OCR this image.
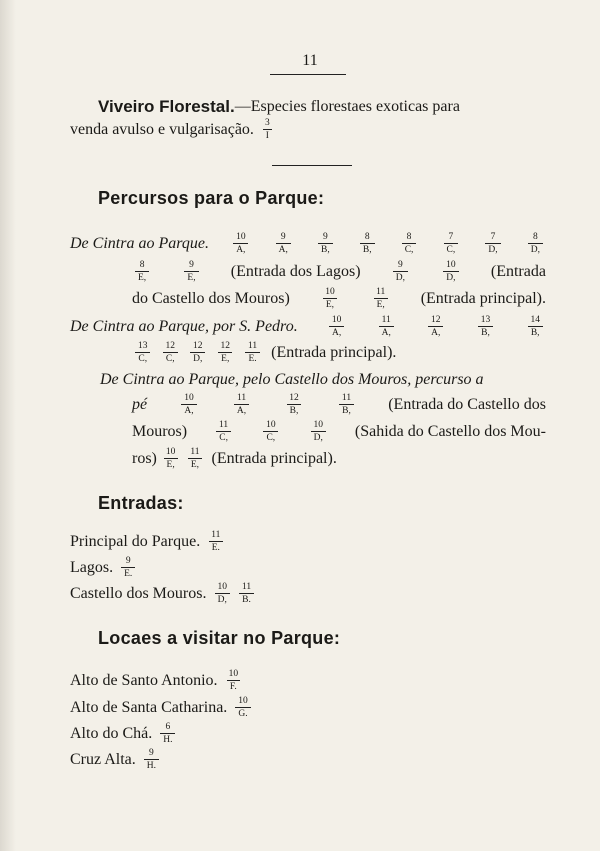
11
Viveiro Florestal. —Especies florestaes exoticas para
venda avulso e vulgarisação. $\frac{3}{I}$
Percursos para o Parque:
De Cintra ao Parque.	$\frac{10}{A,}$	$\frac{9}{A,}$	$\frac{9}{B,}$	$\frac{8}{B,}$	$\frac{8}{C,}$	$\frac{7}{C,}$	$\frac{7}{D,}$	$\frac{8}{D,}$
$\frac{8}{E,}$	$\frac{9}{E,}$ (Entrada dos Lagos)	$\frac{9}{D,}$	$\frac{10}{D,}$ (Entrada
do Castello dos Mouros)	$\frac{10}{E,}$	$\frac{11}{E,}$ (Entrada principal).
De Cintra ao Parque, por S. Pedro.	$\frac{10}{A,}$	$\frac{11}{A,}$	$\frac{12}{A,}$	$\frac{13}{B,}$	$\frac{14}{B,}$
$\frac{13}{C,} \frac{12}{C,} \frac{12}{D,} \frac{12}{E,} \frac{11}{E.}$ (Entrada principal).
De Cintra ao Parque, pelo Castello dos Mouros, percurso a
pé	$\frac{10}{A,}$	$\frac{11}{A,}$	$\frac{12}{B,}$	$\frac{11}{B,}$ (Entrada do Castello dos
Mouros)	$\frac{11}{C,}$	$\frac{10}{C,}$	$\frac{10}{D,}$ (Sahida do Castello dos Mou-
$ros) \frac{10}{E,} \frac{11}{E,}$ (Entrada principal).
Entradas:
Principal do Parque. $\frac{11}{E.}$
Lagos. $\frac{9}{E.}$
Castello dos Mouros. $\frac{10}{D,} \frac{11}{B.}$
Locaes a visitar no Parque:
Alto de Santo Antonio. $\frac{10}{F.}$
Alto de Santa Catharina. $\frac{10}{G.}$
Alto do Chá. $\frac{6}{H.}$
Cruz Alta. $\frac{9}{H.}$
